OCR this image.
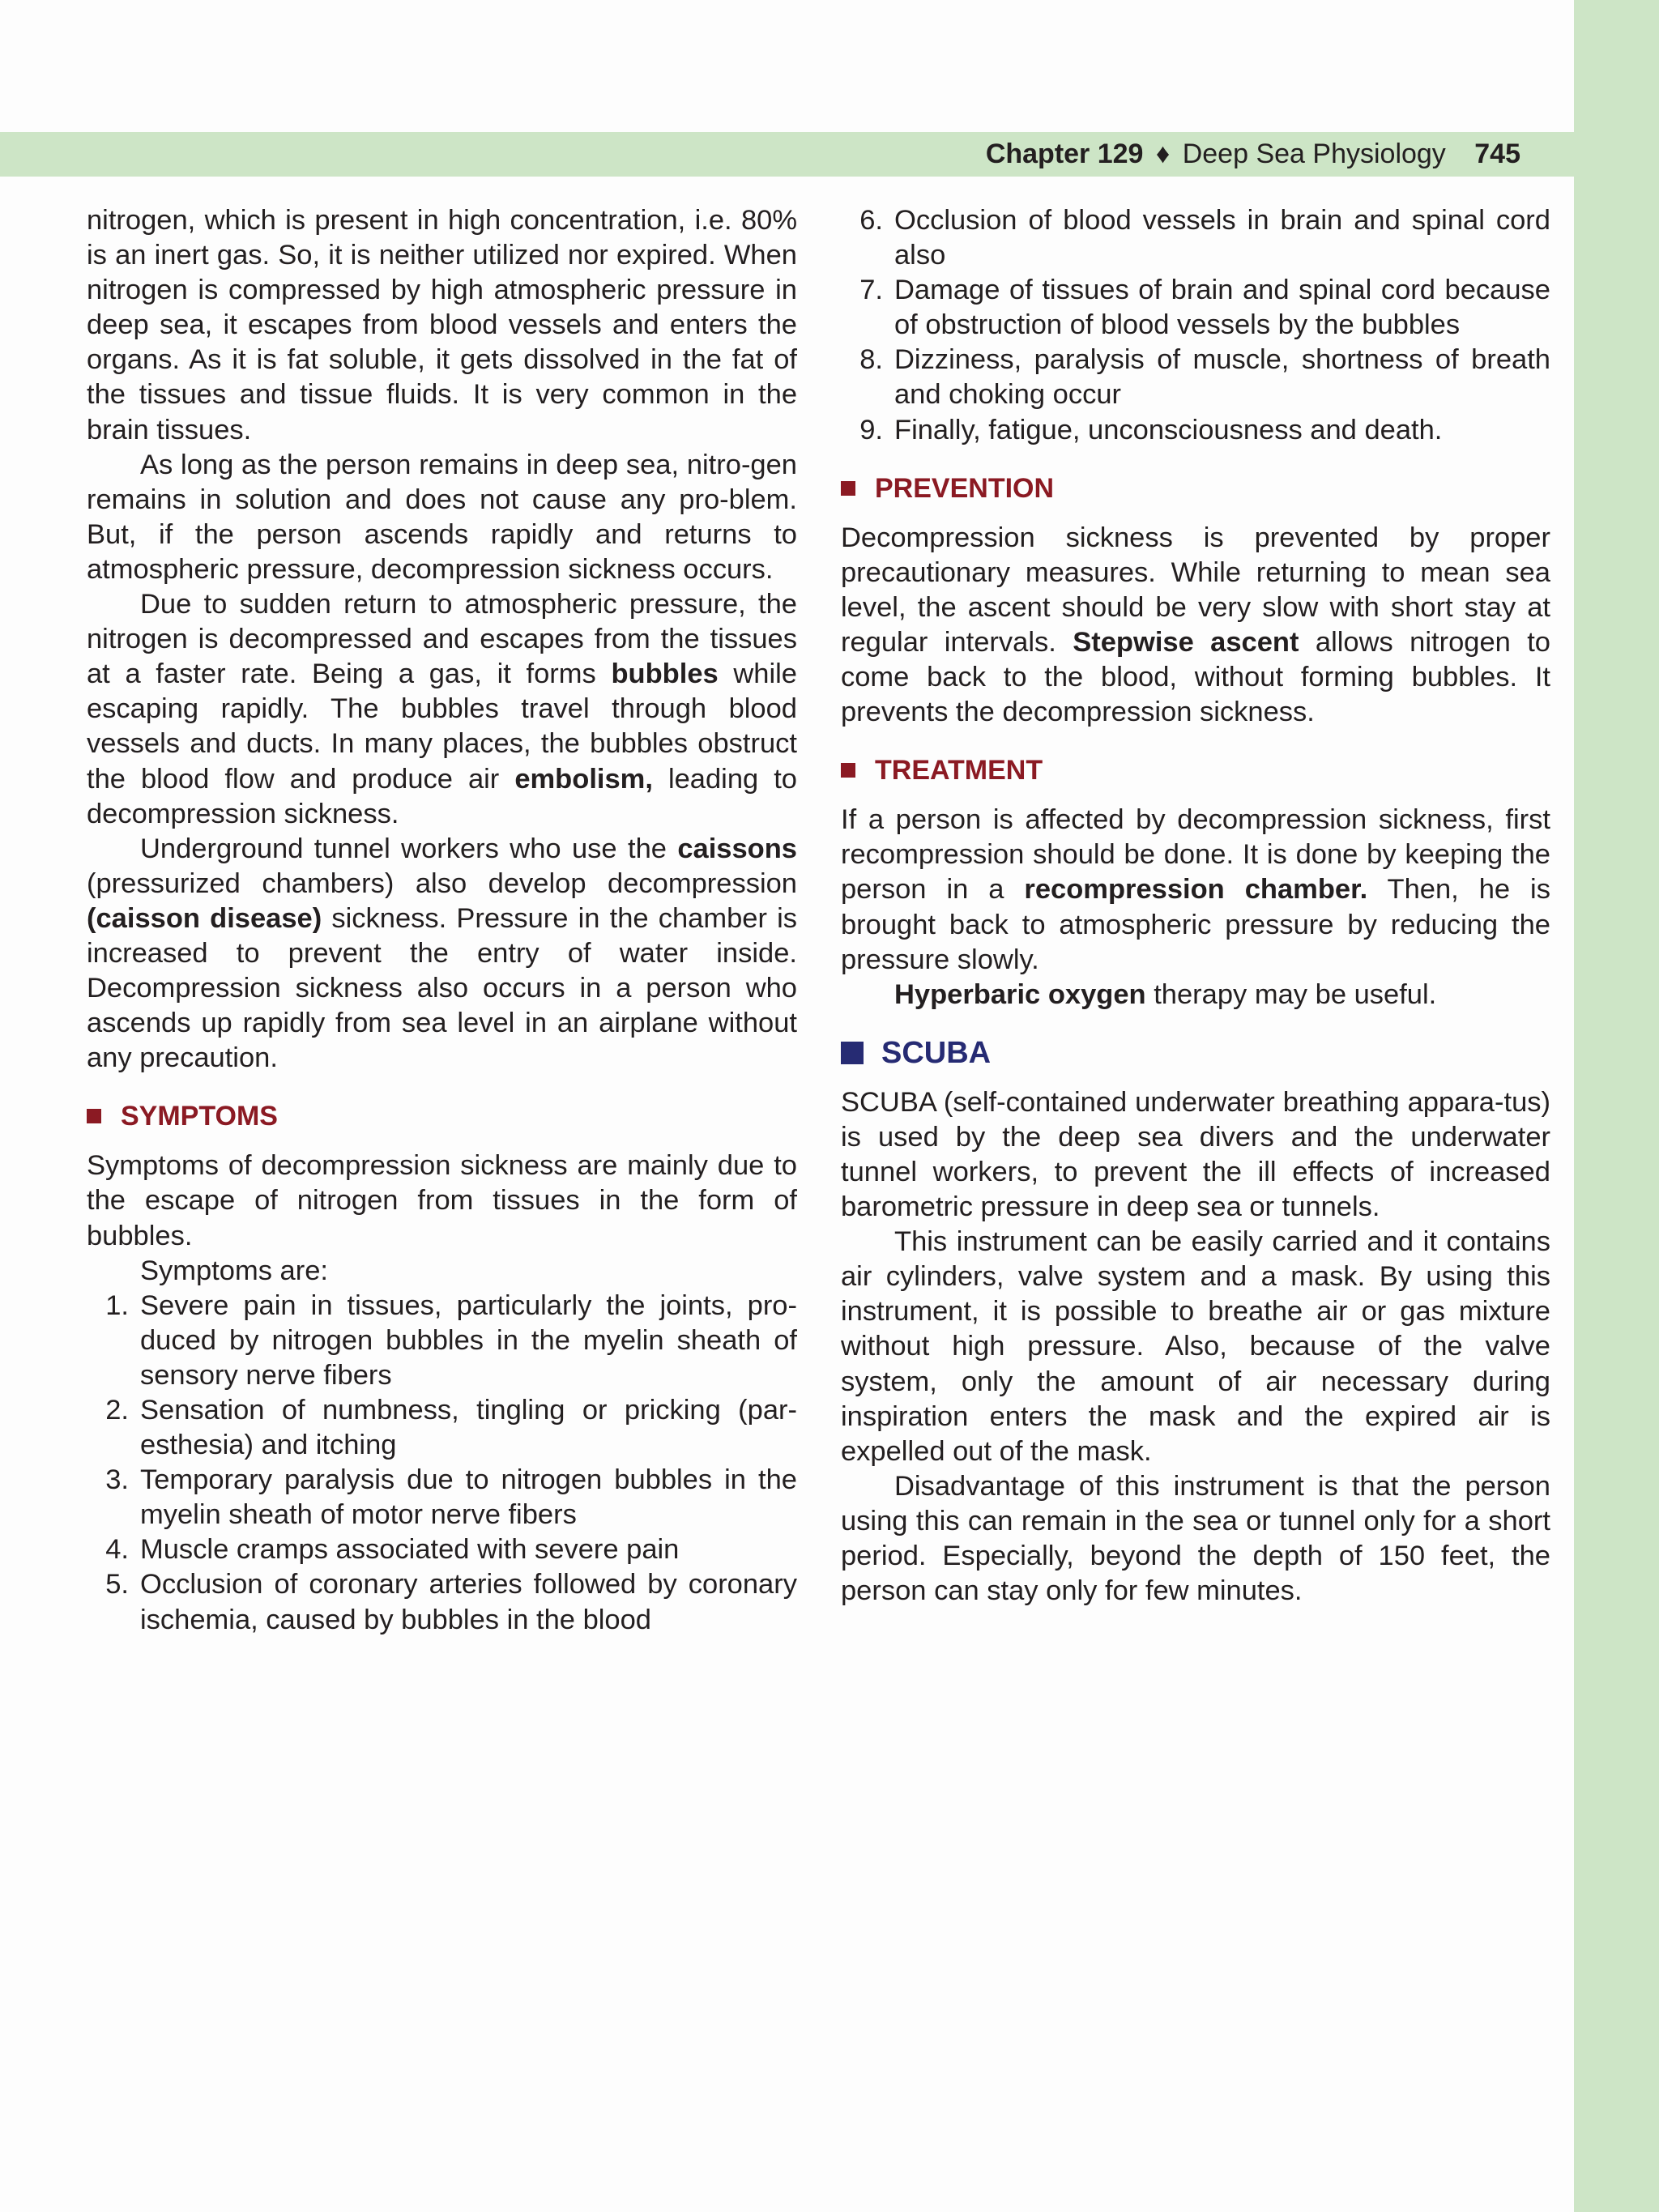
Chapter 129 ♦ Deep Sea Physiology 745

nitrogen, which is present in high concentration, i.e. 80% is an inert gas. So, it is neither utilized nor expired. When nitrogen is compressed by high atmospheric pressure in deep sea, it escapes from blood vessels and enters the organs. As it is fat soluble, it gets dissolved in the fat of the tissues and tissue fluids. It is very common in the brain tissues.

As long as the person remains in deep sea, nitro-gen remains in solution and does not cause any pro-blem. But, if the person ascends rapidly and returns to atmospheric pressure, decompression sickness occurs.

Due to sudden return to atmospheric pressure, the nitrogen is decompressed and escapes from the tissues at a faster rate. Being a gas, it forms bubbles while escaping rapidly. The bubbles travel through blood vessels and ducts. In many places, the bubbles obstruct the blood flow and produce air embolism, leading to decompression sickness.

Underground tunnel workers who use the caissons (pressurized chambers) also develop decompression (caisson disease) sickness. Pressure in the chamber is increased to prevent the entry of water inside. Decompression sickness also occurs in a person who ascends up rapidly from sea level in an airplane without any precaution.

SYMPTOMS

Symptoms of decompression sickness are mainly due to the escape of nitrogen from tissues in the form of bubbles.

Symptoms are:

1. Severe pain in tissues, particularly the joints, pro-duced by nitrogen bubbles in the myelin sheath of sensory nerve fibers
2. Sensation of numbness, tingling or pricking (par-esthesia) and itching
3. Temporary paralysis due to nitrogen bubbles in the myelin sheath of motor nerve fibers
4. Muscle cramps associated with severe pain
5. Occlusion of coronary arteries followed by coronary ischemia, caused by bubbles in the blood
6. Occlusion of blood vessels in brain and spinal cord also
7. Damage of tissues of brain and spinal cord because of obstruction of blood vessels by the bubbles
8. Dizziness, paralysis of muscle, shortness of breath and choking occur
9. Finally, fatigue, unconsciousness and death.
PREVENTION

Decompression sickness is prevented by proper precautionary measures. While returning to mean sea level, the ascent should be very slow with short stay at regular intervals. Stepwise ascent allows nitrogen to come back to the blood, without forming bubbles. It prevents the decompression sickness.

TREATMENT

If a person is affected by decompression sickness, first recompression should be done. It is done by keeping the person in a recompression chamber. Then, he is brought back to atmospheric pressure by reducing the pressure slowly.

Hyperbaric oxygen therapy may be useful.

SCUBA

SCUBA (self-contained underwater breathing appara-tus) is used by the deep sea divers and the underwater tunnel workers, to prevent the ill effects of increased barometric pressure in deep sea or tunnels.

This instrument can be easily carried and it contains air cylinders, valve system and a mask. By using this instrument, it is possible to breathe air or gas mixture without high pressure. Also, because of the valve system, only the amount of air necessary during inspiration enters the mask and the expired air is expelled out of the mask.

Disadvantage of this instrument is that the person using this can remain in the sea or tunnel only for a short period. Especially, beyond the depth of 150 feet, the person can stay only for few minutes.
